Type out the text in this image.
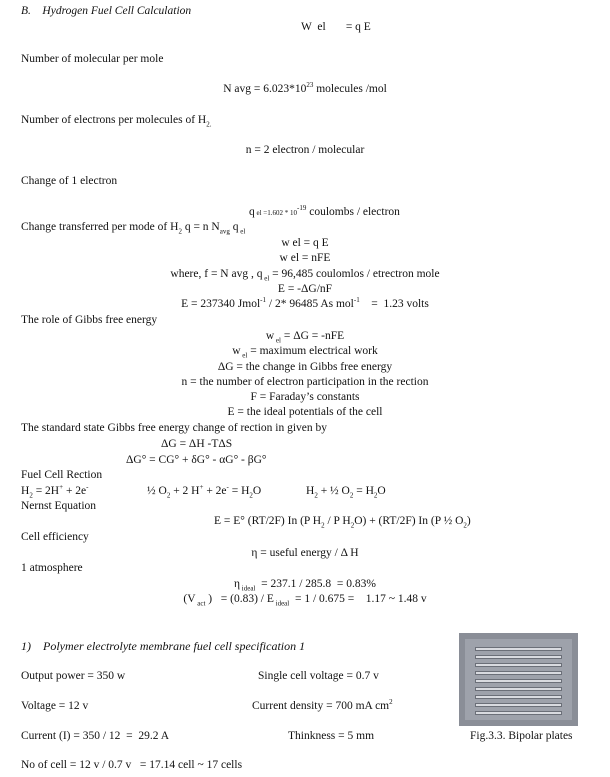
B. Hydrogen Fuel Cell Calculation
W  el       = q E
Number of molecular per mole
N avg = $6.023*10^{23}$ molecules /mol
Number of electrons per molecules of $H_{2.}$
n = 2 electron / molecular
Change of 1 electron
q el $=1.602 * 10^{-19}$ coulombs / electron
Change transferred per mode of $H_2$ q = n $N_{avg}$ q $_{el}$
w el = q E
w el = nFE
where, f = N avg , q $_{el}$ = 96,485 coulomlos / etrectron mole
E = -ΔG/nF
E = 237340 Jmol$^{-1}$ / 2* 96485 As mol$^{-1}$    =  1.23 volts
The role of Gibbs free energy
w $_{el}$ = ΔG = -nFE
w $_{el}$ = maximum electrical work
ΔG = the change in Gibbs free energy
n = the number of electron participation in the rection
F = Faraday’s constants
E = the ideal potentials of the cell
The standard state Gibbs free energy change of rection in given by
ΔG = ΔH -TΔS
ΔG° = CG° + δG° - αG° - βG°
Fuel Cell Rection
$H_2 = 2H^+ + 2e^-$	½ $O_2 + 2$ $H^+ + 2e^- = H_2O$	$H_2$ + ½ $O_2 = H_2O$
Nernst Equation
E = E° (RT/2F) In (P $H_2$ / P $H_2O) + (RT/2F)$ In (P ½ $O_2$)
Cell efficiency
η = useful energy / Δ H
1 atmosphere
η $_{ideal}$  = 237.1 / 285.8  = 0.83%
(V $_{act}$ )   = (0.83) / E $_{ideal}$  = 1 / 0.675 =    1.17 ~ 1.48 v
1)    Polymer electrolyte membrane fuel cell specification 1
Output power = 350 w	Single cell voltage = 0.7 v
Voltage = 12 v	Current density = 700 mA $cm^2$
Current (I) = 350 / 12  =  29.2 A	Thinkness = 5 mm
No of cell = 12 v / 0.7 v   = 17.14 cell ~ 17 cells
Fig.3.3. Bipolar plates
